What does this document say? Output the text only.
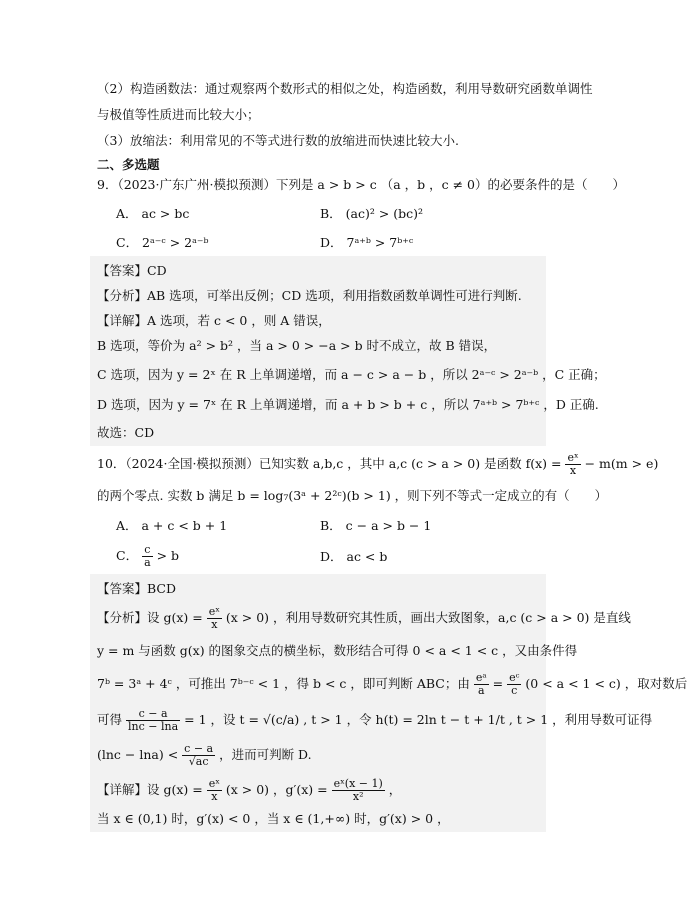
（2）构造函数法：通过观察两个数形式的相似之处，构造函数，利用导数研究函数单调性
与极值等性质进而比较大小；
（3）放缩法：利用常见的不等式进行数的放缩进而快速比较大小.
二、多选题
9．（2023·广东广州·模拟预测）下列是 a > b > c （a ，b ，c ≠ 0）的必要条件的是（　　）
A． ac > bc	B． (ac)² > (bc)²
C． 2ᵃ⁻ᶜ > 2ᵃ⁻ᵇ	D． 7ᵃ⁺ᵇ > 7ᵇ⁺ᶜ
【答案】CD
【分析】AB 选项，可举出反例；CD 选项，利用指数函数单调性可进行判断.
【详解】A 选项，若 c < 0 ，则 A 错误，
B 选项，等价为 a² > b² ，当 a > 0 > −a > b 时不成立，故 B 错误，
C 选项，因为 y = 2ˣ 在 R 上单调递增，而 a − c > a − b ，所以 2ᵃ⁻ᶜ > 2ᵃ⁻ᵇ ，C 正确；
D 选项，因为 y = 7ˣ 在 R 上单调递增，而 a + b > b + c ，所以 7ᵃ⁺ᵇ > 7ᵇ⁺ᶜ ，D 正确.
故选：CD
10．（2024·全国·模拟预测）已知实数 a,b,c ，其中 a,c (c > a > 0) 是函数 $f(x) = \frac{\text{eˣ}}{x} - m(m > e)$
的两个零点. 实数 b 满足 b = log₇(3ᵃ + 2²ᶜ)(b > 1) ，则下列不等式一定成立的有（　　）
A． a + c < b + 1	B． c − a > b − 1
C． $\frac{c}{a} > b$	D． ac < b
【答案】BCD
【分析】设 $g(x) = \frac{\text{eˣ}}{x} (x > 0)$ ，利用导数研究其性质，画出大致图象，a,c (c > a > 0) 是直线
y = m 与函数 g(x) 的图象交点的横坐标，数形结合可得 0 < a < 1 < c ，又由条件得
7ᵇ = 3ᵃ + 4ᶜ ，可推出 7ᵇ⁻ᶜ < 1 ，得 b < c ，即可判断 ABC；由 $\frac{\text{eᵃ}}{a} = \frac{\text{eᶜ}}{c} (0 < a < 1 < c)$ ，取对数后
可得 $\frac{c - a}{\ln c - \ln a} = 1$ ，设 t = √(c/a) , t > 1 ，令 h(t) = 2ln t − t + 1/t , t > 1 ，利用导数可证得
$(\ln c - \ln a) < \frac{c - a}{√ac}$ ，进而可判断 D.
【详解】设 $g(x) = \frac{\text{eˣ}}{x} (x > 0)$ ，$g'(x) = \frac{\text{eˣ(x − 1)}}{\text{x²}}$ ，
当 x ∈ (0,1) 时，g′(x) < 0 ，当 x ∈ (1,+∞) 时，g′(x) > 0 ，
